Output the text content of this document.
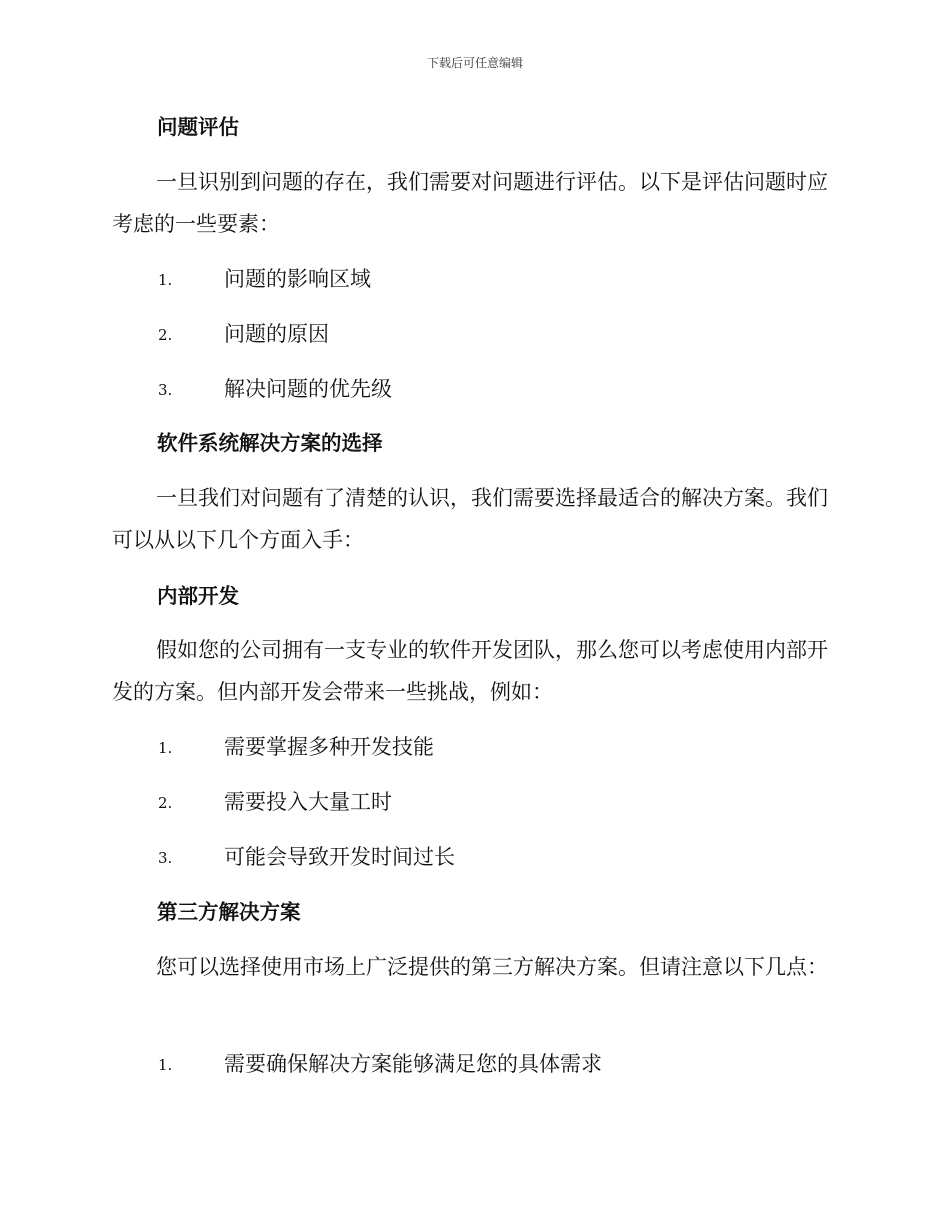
下载后可任意编辑
问题评估

一旦识别到问题的存在，我们需要对问题进行评估。以下是评估问题时应考虑的一些要素：

1. 问题的影响区域
2. 问题的原因
3. 解决问题的优先级
软件系统解决方案的选择

一旦我们对问题有了清楚的认识，我们需要选择最适合的解决方案。我们可以从以下几个方面入手：

内部开发

假如您的公司拥有一支专业的软件开发团队，那么您可以考虑使用内部开发的方案。但内部开发会带来一些挑战，例如：

1. 需要掌握多种开发技能
2. 需要投入大量工时
3. 可能会导致开发时间过长
第三方解决方案

您可以选择使用市场上广泛提供的第三方解决方案。但请注意以下几点：

1. 需要确保解决方案能够满足您的具体需求
